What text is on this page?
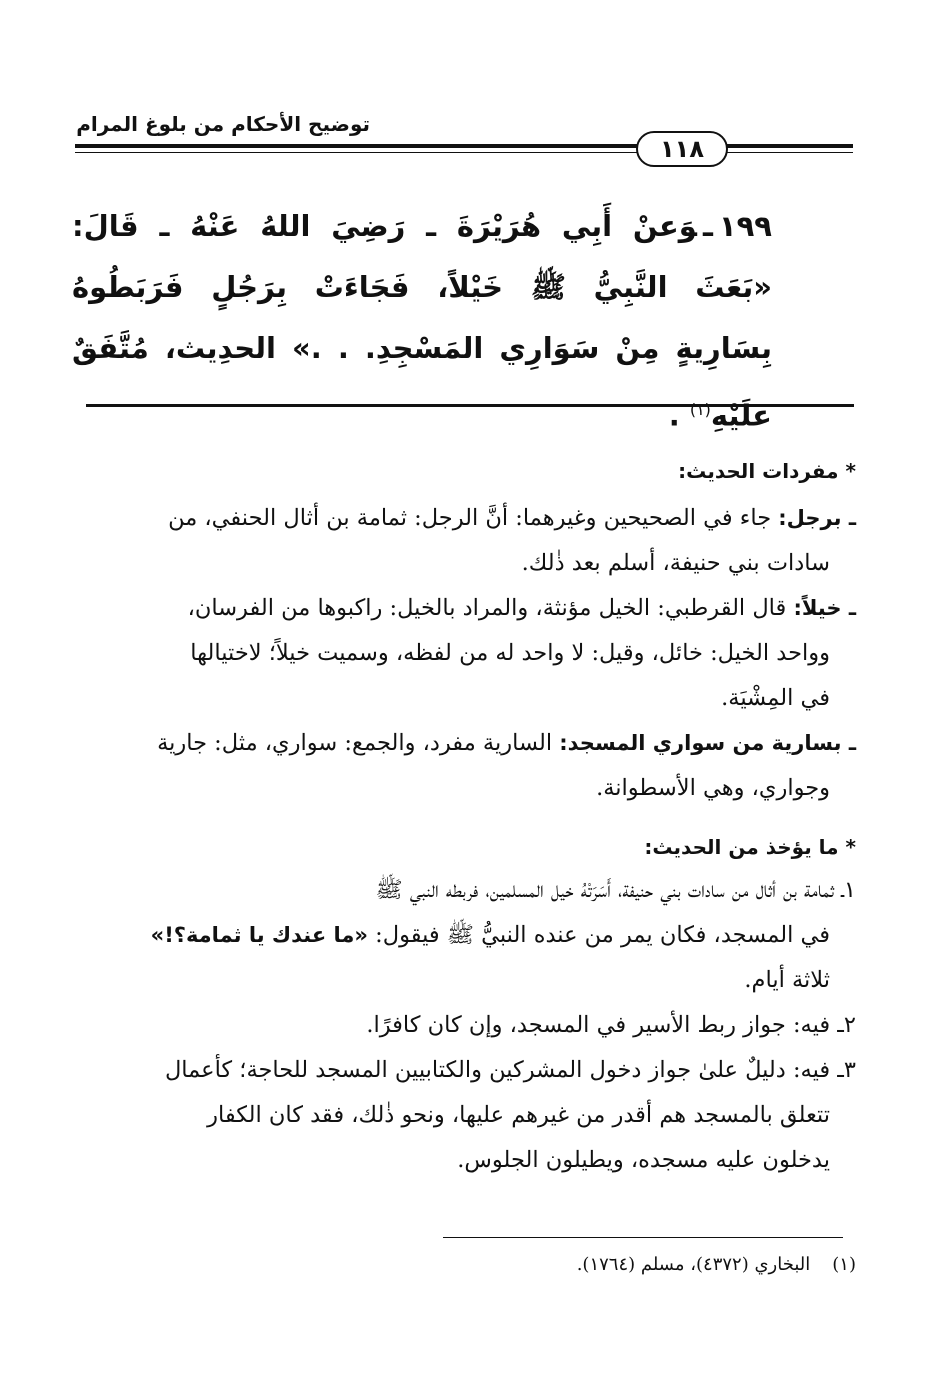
توضيح الأحكام من بلوغ المرام
١١٨
١٩٩ـوَعنْ أَبِي هُرَيْرَةَ ـ رَضِيَ اللهُ عَنْهُ ـ قَالَ: «بَعَثَ النَّبِيُّ ﷺ خَيْلاً، فَجَاءَتْ بِرَجُلٍ فَرَبَطُوهُ بِسَارِيةٍ مِنْ سَوَارِي المَسْجِدِ. . .» الحدِيث، مُتَّفَقٌ علَيْهِ$^{(١)}$ .
* مفردات الحديث:

ـ برجل: جاء في الصحيحين وغيرهما: أنَّ الرجل: ثمامة بن أثال الحنفي، من
سادات بني حنيفة، أسلم بعد ذٰلك.

ـ خيلاً: قال القرطبي: الخيل مؤنثة، والمراد بالخيل: راكبوها من الفرسان،
وواحد الخيل: خائل، وقيل: لا واحد له من لفظه، وسميت خيلاً؛ لاختيالها
في المِشْيَة.

ـ بسارية من سواري المسجد: السارية مفرد، والجمع: سواري، مثل: جارية
وجواري، وهي الأسطوانة.

* ما يؤخذ من الحديث:

١ـ ثمامة بن أثال من سادات بني حنيفة، أَسَرَتْهُ خيل المسلمين، فربطه النبي ﷺ
في المسجد، فكان يمر من عنده النبيُّ ﷺ فيقول: «ما عندك يا ثمامة؟!»
ثلاثة أيام.

٢ـ فيه: جواز ربط الأسير في المسجد، وإن كان كافرًا.

٣ـ فيه: دليلٌ علىٰ جواز دخول المشركين والكتابيين المسجد للحاجة؛ كأعمال
تتعلق بالمسجد هم أقدر من غيرهم عليها، ونحو ذٰلك، فقد كان الكفار
يدخلون عليه مسجده، ويطيلون الجلوس.

(١)البخاري (٤٣٧٢)، مسلم (١٧٦٤).
